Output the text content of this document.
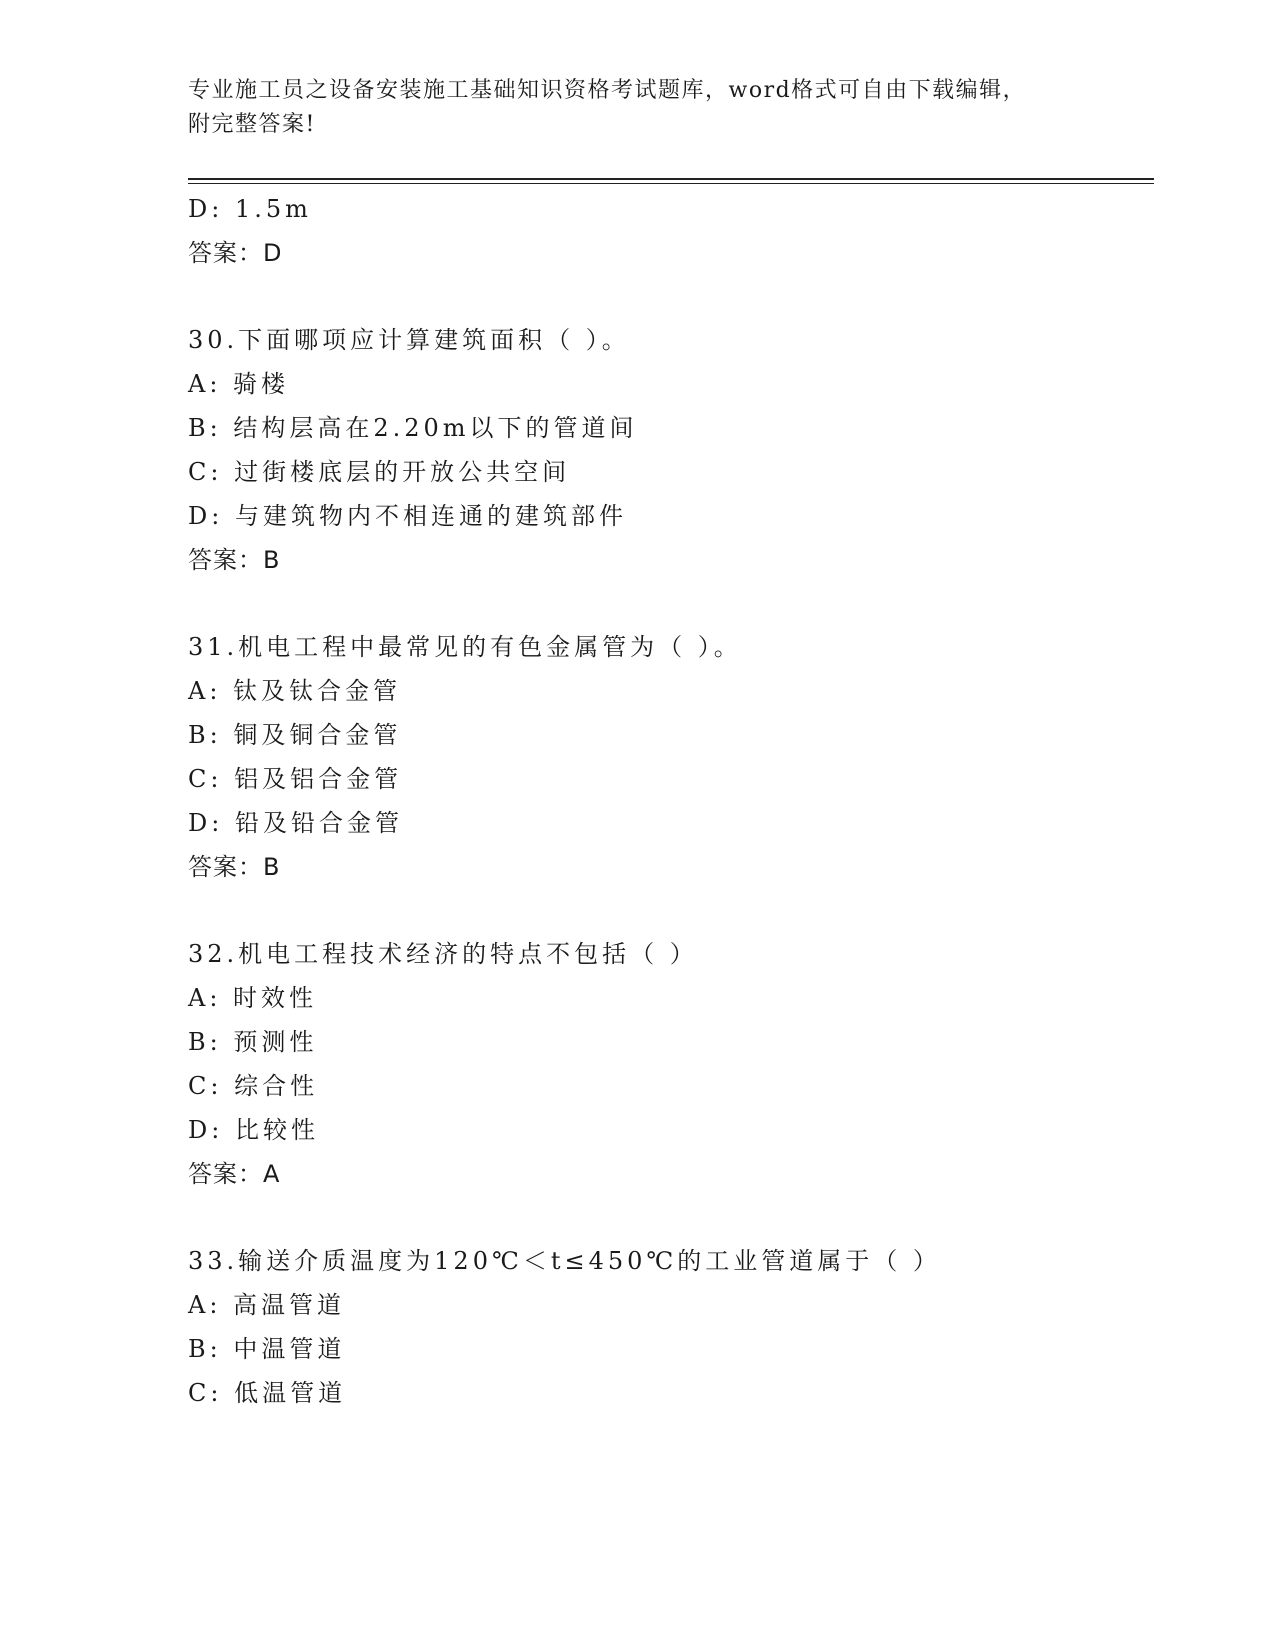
专业施工员之设备安装施工基础知识资格考试题库，word格式可自由下载编辑，
附完整答案!
D: 1.5m
答案：D
30.下面哪项应计算建筑面积（ ）。
A: 骑楼
B: 结构层高在2.20m以下的管道间
C: 过街楼底层的开放公共空间
D: 与建筑物内不相连通的建筑部件
答案：B
31.机电工程中最常见的有色金属管为（ ）。
A: 钛及钛合金管
B: 铜及铜合金管
C: 铝及铝合金管
D: 铅及铅合金管
答案：B
32.机电工程技术经济的特点不包括（ ）
A: 时效性
B: 预测性
C: 综合性
D: 比较性
答案：A
33.输送介质温度为120℃＜t≤450℃的工业管道属于（ ）
A: 高温管道
B: 中温管道
C: 低温管道
